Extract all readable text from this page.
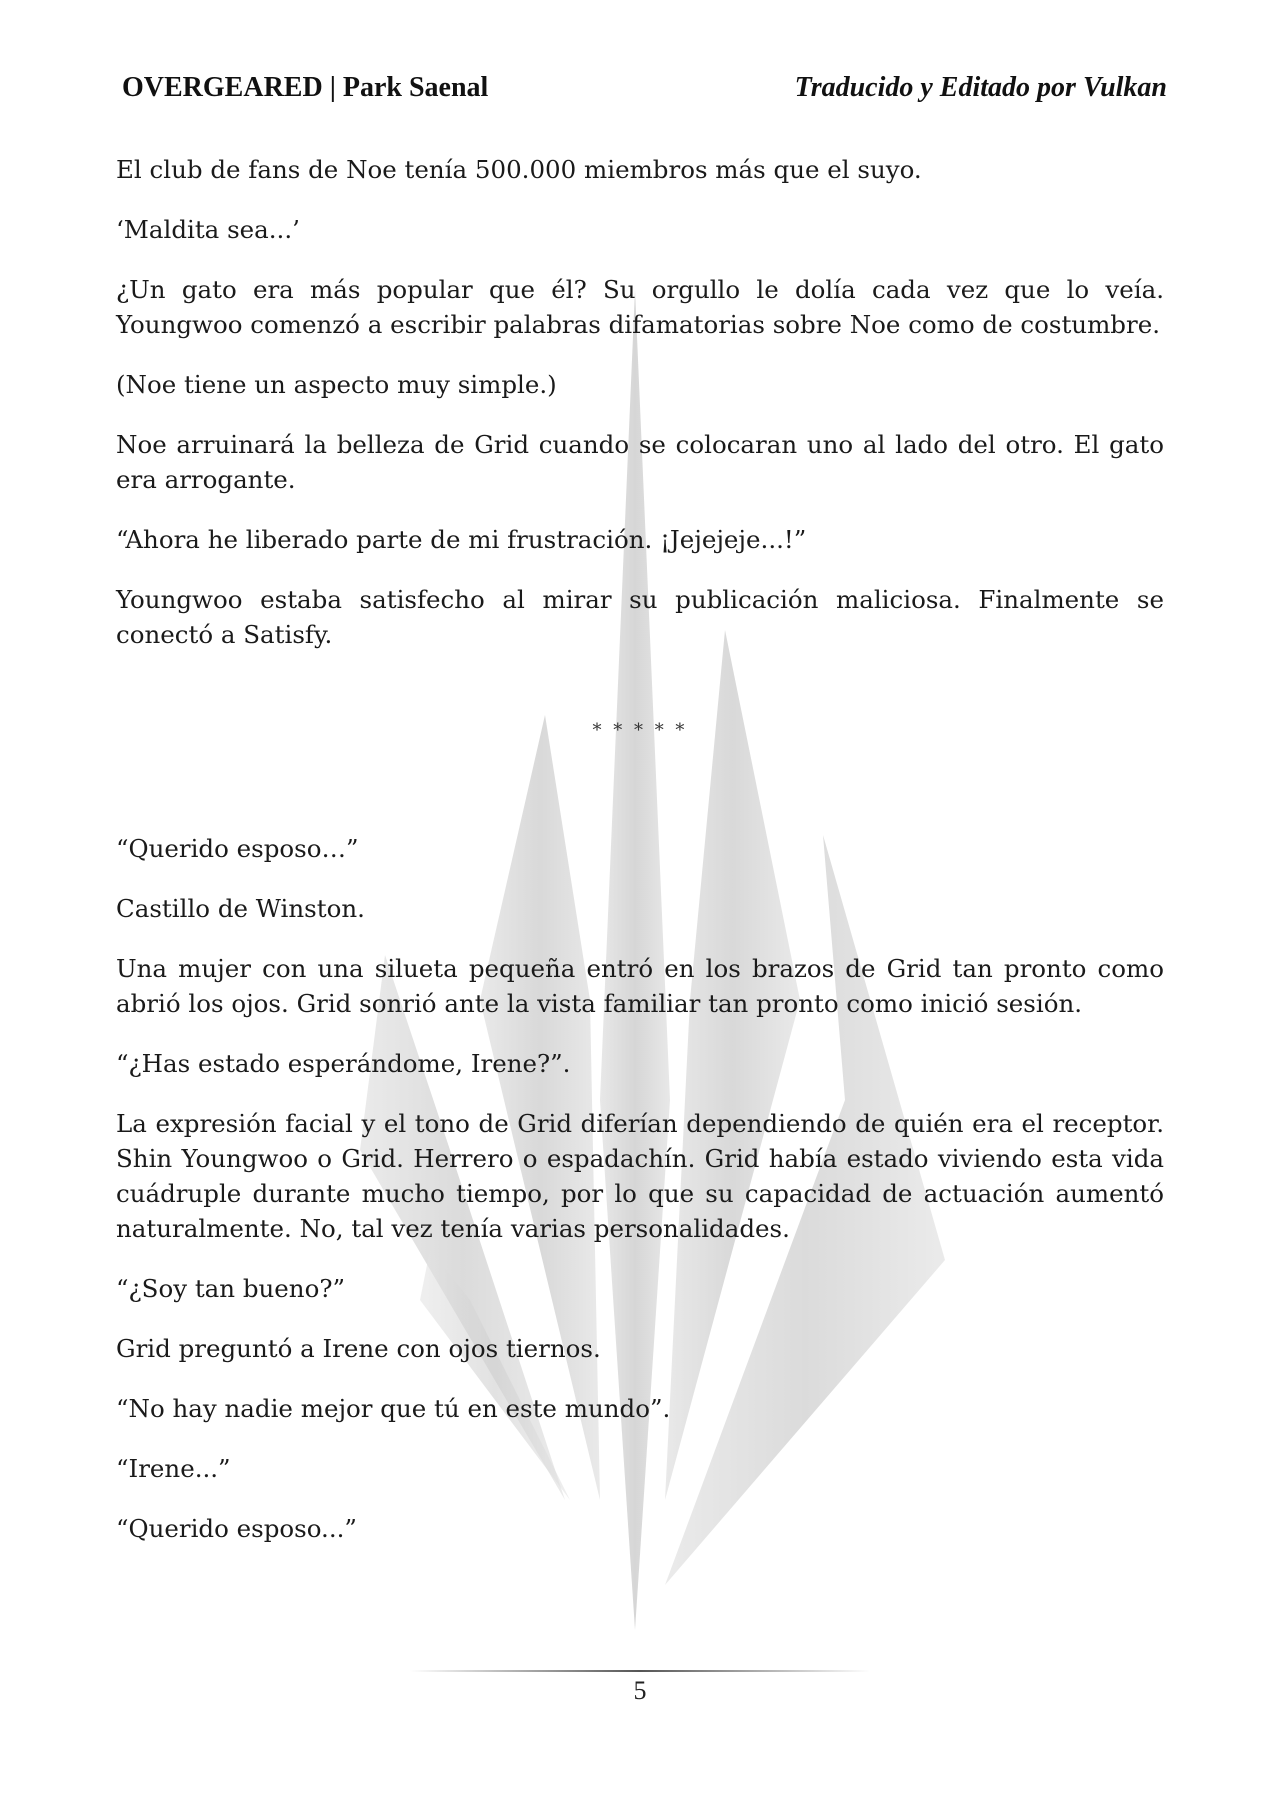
OVERGEARED | Park Saenal	Traducido y Editado por Vulkan

El club de fans de Noe tenía 500.000 miembros más que el suyo.

‘Maldita sea...’

¿Un gato era más popular que él? Su orgullo le dolía cada vez que lo veía. Youngwoo comenzó a escribir palabras difamatorias sobre Noe como de costumbre.

(Noe tiene un aspecto muy simple.)

Noe arruinará la belleza de Grid cuando se colocaran uno al lado del otro. El gato era arrogante.

“Ahora he liberado parte de mi frustración. ¡Jejejeje...!”

Youngwoo estaba satisfecho al mirar su publicación maliciosa. Finalmente se conectó a Satisfy.

* * * * *

“Querido esposo…”

Castillo de Winston.

Una mujer con una silueta pequeña entró en los brazos de Grid tan pronto como abrió los ojos. Grid sonrió ante la vista familiar tan pronto como inició sesión.

“¿Has estado esperándome, Irene?”.

La expresión facial y el tono de Grid diferían dependiendo de quién era el receptor. Shin Youngwoo o Grid. Herrero o espadachín. Grid había estado viviendo esta vida cuádruple durante mucho tiempo, por lo que su capacidad de actuación aumentó naturalmente. No, tal vez tenía varias personalidades.

“¿Soy tan bueno?”

Grid preguntó a Irene con ojos tiernos.

“No hay nadie mejor que tú en este mundo”.

“Irene...”

“Querido esposo...”

5
